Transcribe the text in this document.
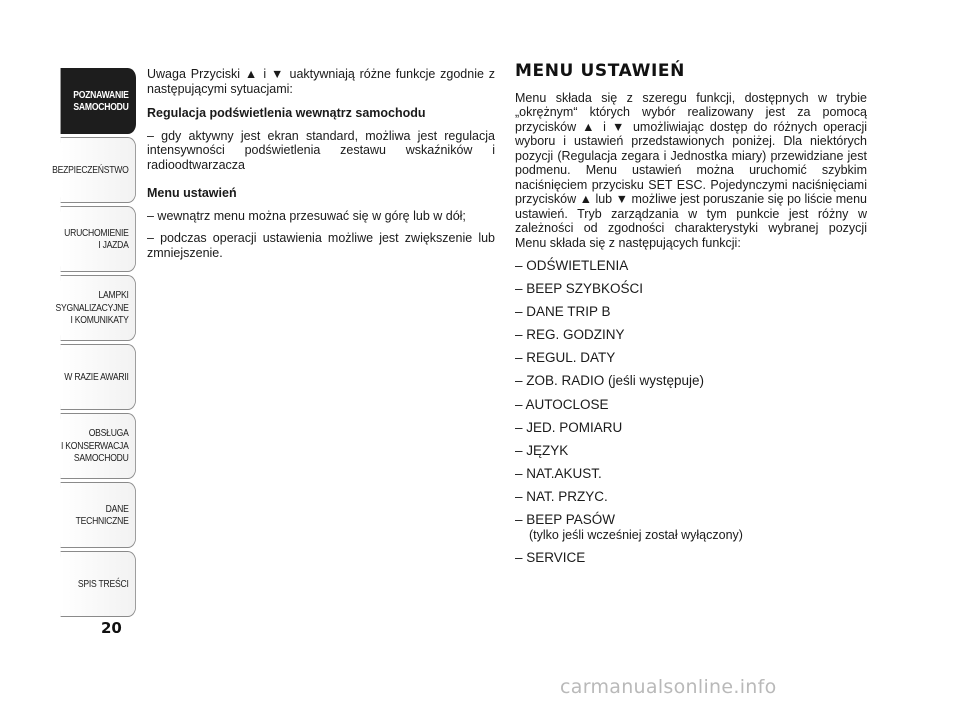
POZNAWANIE
SAMOCHODU
BEZPIECZEŃSTWO
URUCHOMIENIE
I JAZDA
LAMPKI
SYGNALIZACYJNE
I KOMUNIKATY
W RAZIE AWARII
OBSŁUGA
I KONSERWACJA
SAMOCHODU
DANE
TECHNICZNE
SPIS TREŚCI
20

Uwaga Przyciski ▲ i ▼ uaktywniają różne funkcje zgodnie z następującymi sytuacjami:

Regulacja podświetlenia wewnątrz samochodu

– gdy aktywny jest ekran standard, możliwa jest regulacja intensywności podświetlenia zestawu wskaźników i radioodtwarzacza

Menu ustawień

– wewnątrz menu można przesuwać się w górę lub w dół;

– podczas operacji ustawienia możliwe jest zwiększenie lub zmniejszenie.

MENU USTAWIEŃ

Menu składa się z szeregu funkcji, dostępnych w trybie „okrężnym“ których wybór realizowany jest za pomocą przycisków ▲ i ▼ umożliwiając dostęp do różnych operacji wyboru i ustawień przedstawionych poniżej. Dla niektórych pozycji (Regulacja zegara i Jednostka miary) przewidziane jest podmenu. Menu ustawień można uruchomić szybkim naciśnięciem przycisku SET ESC. Pojedynczymi naciśnięciami przycisków ▲ lub ▼ możliwe jest poruszanie się po liście menu ustawień. Tryb zarządzania w tym punkcie jest różny w zależności od zgodności charakterystyki wybranej pozycji Menu składa się z następujących funkcji:

– ODŚWIETLENIA
– BEEP SZYBKOŚCI
– DANE TRIP B
– REG. GODZINY
– REGUL. DATY
– ZOB. RADIO (jeśli występuje)
– AUTOCLOSE
– JED. POMIARU
– JĘZYK
– NAT.AKUST.
– NAT. PRZYC.
– BEEP PASÓW
(tylko jeśli wcześniej został wyłączony)
– SERVICE
carmanualsonline.info
